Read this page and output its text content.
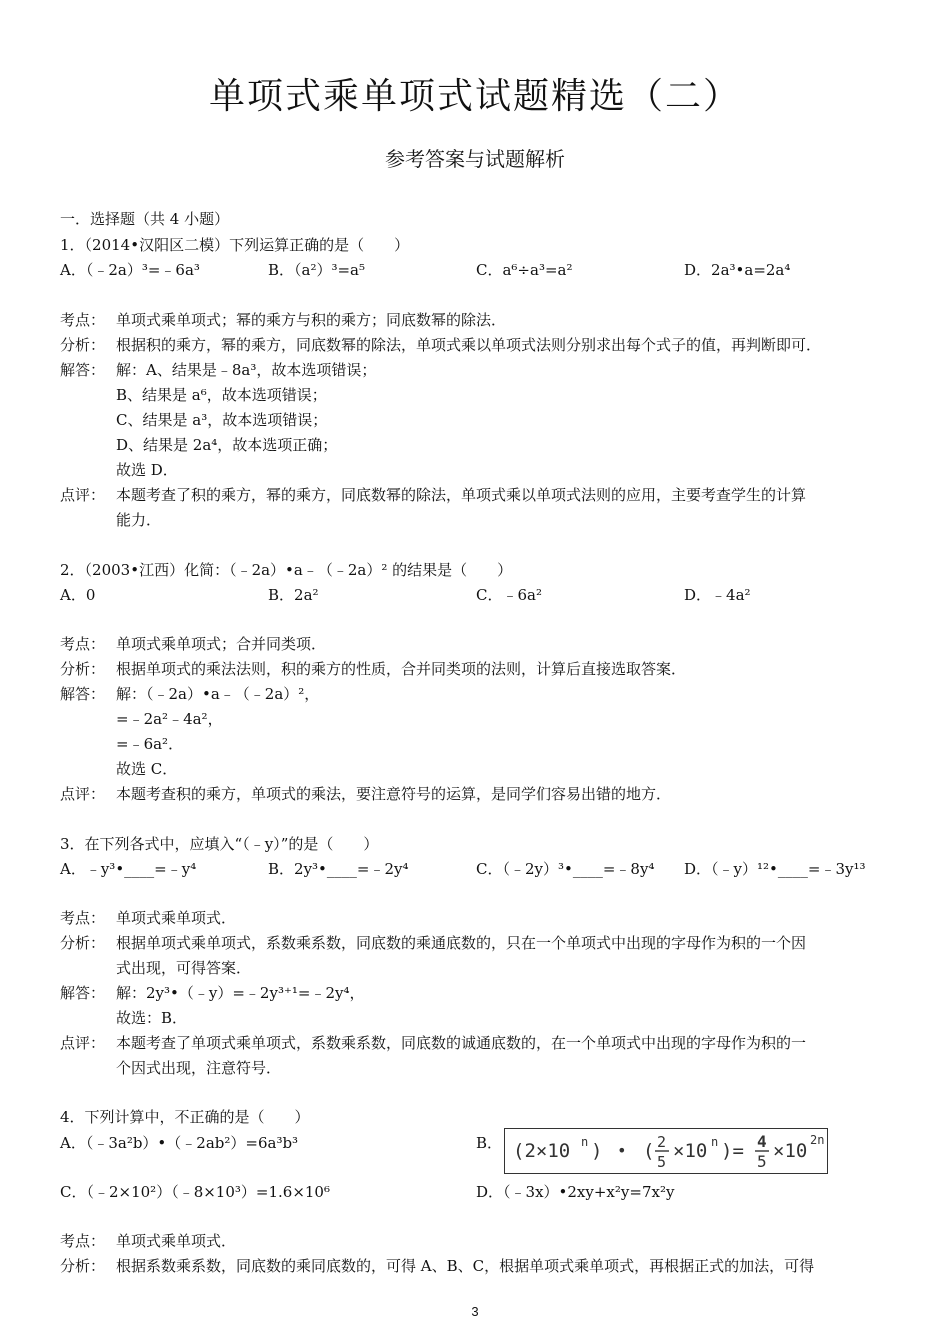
单项式乘单项式试题精选（二）
参考答案与试题解析
一．选择题（共 4 小题）
1．（2014•汉阳区二模）下列运算正确的是（　　）
A．（﹣2a）³=﹣6a³	B．（a²）³=a⁵	C．a⁶÷a³=a²	D．2a³•a=2a⁴
考点： 单项式乘单项式；幂的乘方与积的乘方；同底数幂的除法．
分析： 根据积的乘方，幂的乘方，同底数幂的除法，单项式乘以单项式法则分别求出每个式子的值，再判断即可．
解答： 解：A、结果是﹣8a³，故本选项错误；
B、结果是 a⁶，故本选项错误；
C、结果是 a³，故本选项错误；
D、结果是 2a⁴，故本选项正确；
故选 D．
点评： 本题考查了积的乘方，幂的乘方，同底数幂的除法，单项式乘以单项式法则的应用，主要考查学生的计算
能力．
2．（2003•江西）化简：（﹣2a）•a﹣（﹣2a）² 的结果是（　　）
A．0	B．2a²	C．﹣6a²	D．﹣4a²
考点： 单项式乘单项式；合并同类项．
分析： 根据单项式的乘法法则，积的乘方的性质，合并同类项的法则，计算后直接选取答案．
解答： 解：（﹣2a）•a﹣（﹣2a）²，
=﹣2a²﹣4a²，
=﹣6a²．
故选 C．
点评： 本题考查积的乘方，单项式的乘法，要注意符号的运算，是同学们容易出错的地方．
3．在下列各式中，应填入“（﹣y）”的是（　　）
A．﹣y³•____=﹣y⁴	B．2y³•____=﹣2y⁴	C．（﹣2y）³•____=﹣8y⁴ D．（﹣y）¹²•____=﹣3y¹³
考点： 单项式乘单项式．
分析： 根据单项式乘单项式，系数乘系数，同底数的乘通底数的，只在一个单项式中出现的字母作为积的一个因
式出现，可得答案．
解答： 解：2y³•（﹣y）=﹣2y³⁺¹=﹣2y⁴，
故选：B．
点评： 本题考查了单项式乘单项式，系数乘系数，同底数的诚通底数的，在一个单项式中出现的字母作为积的一
个因式出现，注意符号．
4．下列计算中，不正确的是（　　）
A．（﹣3a²b）•（﹣2ab²）=6a³b³	B． (2×10 n ) • ( 2
5 ×10 n )= 4
5 ×10 2n
C．（﹣2×10²）（﹣8×10³）=1.6×10⁶	D．（﹣3x）•2xy+x²y=7x²y
考点： 单项式乘单项式．
分析： 根据系数乘系数，同底数的乘同底数的，可得 A、B、C，根据单项式乘单项式，再根据正式的加法，可得
3
